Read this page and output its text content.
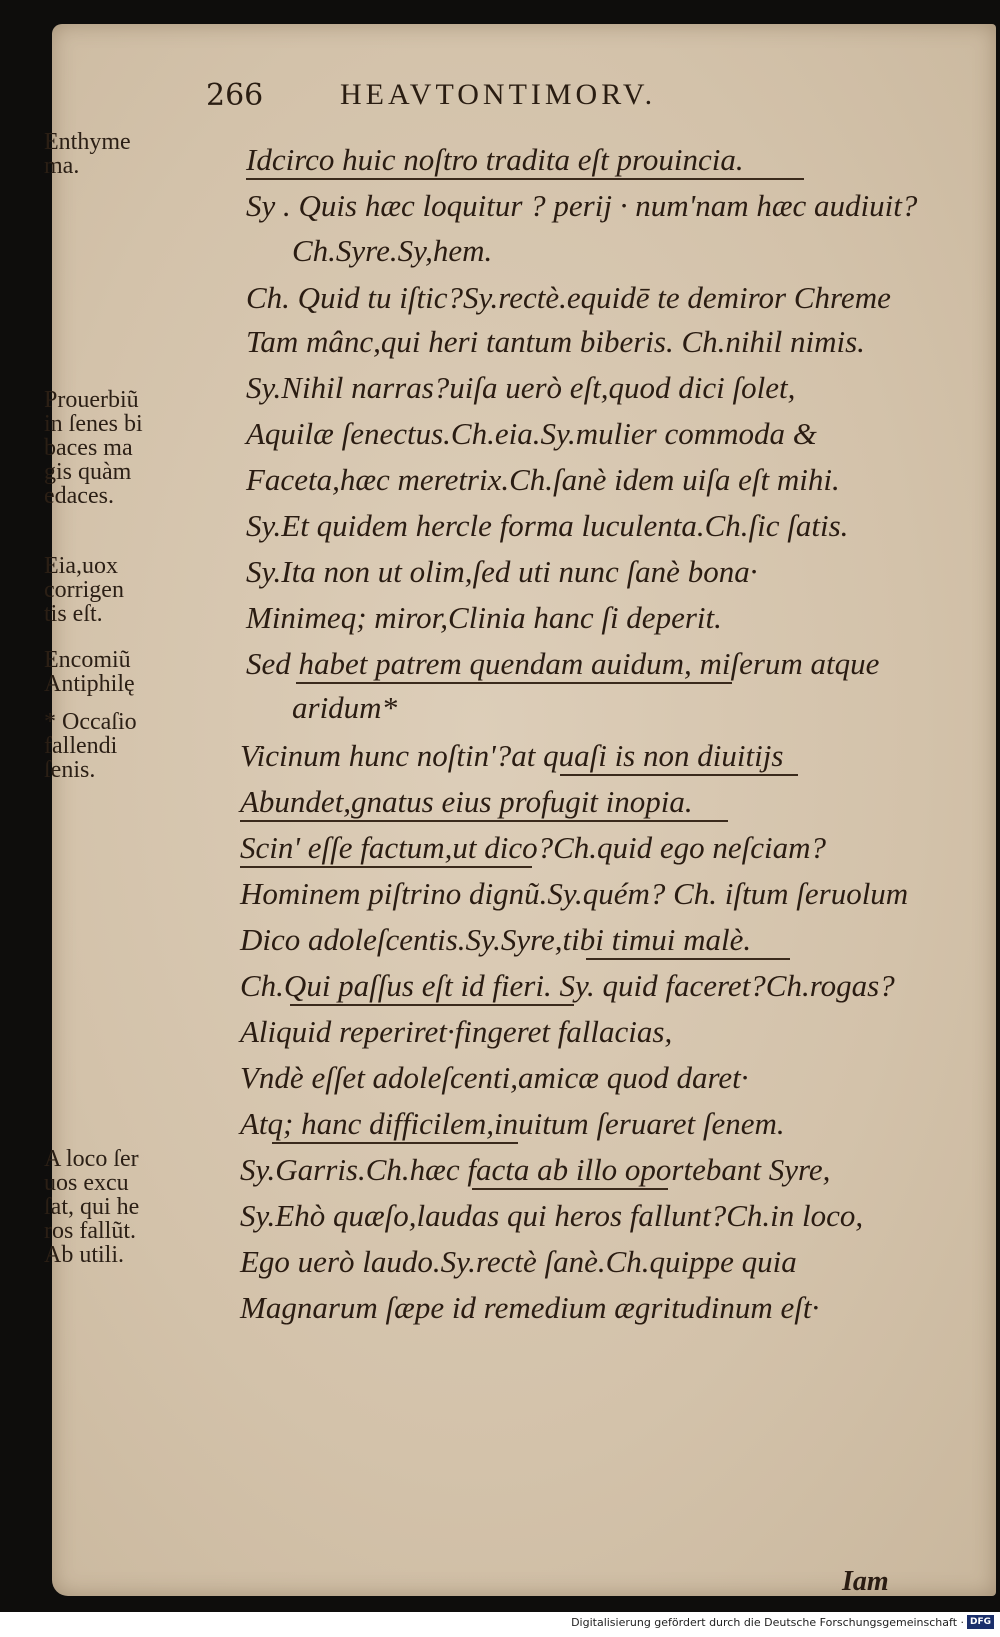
266	HEAVTONTIMORV.
Enthyme
ma.
Prouerbiũ
in ſenes bi
baces ma
gis quàm
edaces.
Eia,uox
corrigen
tis eſt.
Encomiũ
Antiphilę
* Occaſio
fallendi
ſenis.
A loco ſer
uos excu
ſat, qui he
ros fallũt.
Ab utili.
Idcirco huic noſtro tradita eſt prouincia.
Sy . Quis hæc loquitur ? perij · num'nam hæc audiuit?
Ch.Syre.Sy,hem.
Ch. Quid tu iſtic?Sy.rectè.equidē te demiror Chreme
Tam mânc,qui heri tantum biberis. Ch.nihil nimis.
Sy.Nihil narras?uiſa uerò eſt,quod dici ſolet,
Aquilæ ſenectus.Ch.eia.Sy.mulier commoda &
Faceta,hæc meretrix.Ch.ſanè idem uiſa eſt mihi.
Sy.Et quidem hercle forma luculenta.Ch.ſic ſatis.
Sy.Ita non ut olim,ſed uti nunc ſanè bona·
Minimeq; miror,Clinia hanc ſi deperit.
Sed habet patrem quendam auidum, miſerum atque
aridum*
Vicinum hunc noſtin'?at quaſi is non diuitijs
Abundet,gnatus eius profugit inopia.
Scin' eſſe factum,ut dico?Ch.quid ego neſciam?
Hominem piſtrino dignũ.Sy.quém? Ch. iſtum ſeruolum
Dico adoleſcentis.Sy.Syre,tibi timui malè.
Ch.Qui paſſus eſt id fieri. Sy. quid faceret?Ch.rogas?
Aliquid reperiret·fingeret fallacias,
Vndè eſſet adoleſcenti,amicæ quod daret·
Atq; hanc difficilem,inuitum ſeruaret ſenem.
Sy.Garris.Ch.hæc facta ab illo oportebant Syre,
Sy.Ehò quæſo,laudas qui heros fallunt?Ch.in loco,
Ego uerò laudo.Sy.rectè ſanè.Ch.quippe quia
Magnarum ſæpe id remedium ægritudinum eſt·
Iam
Digitalisierung gefördert durch die Deutsche Forschungsgemeinschaft · DFG
